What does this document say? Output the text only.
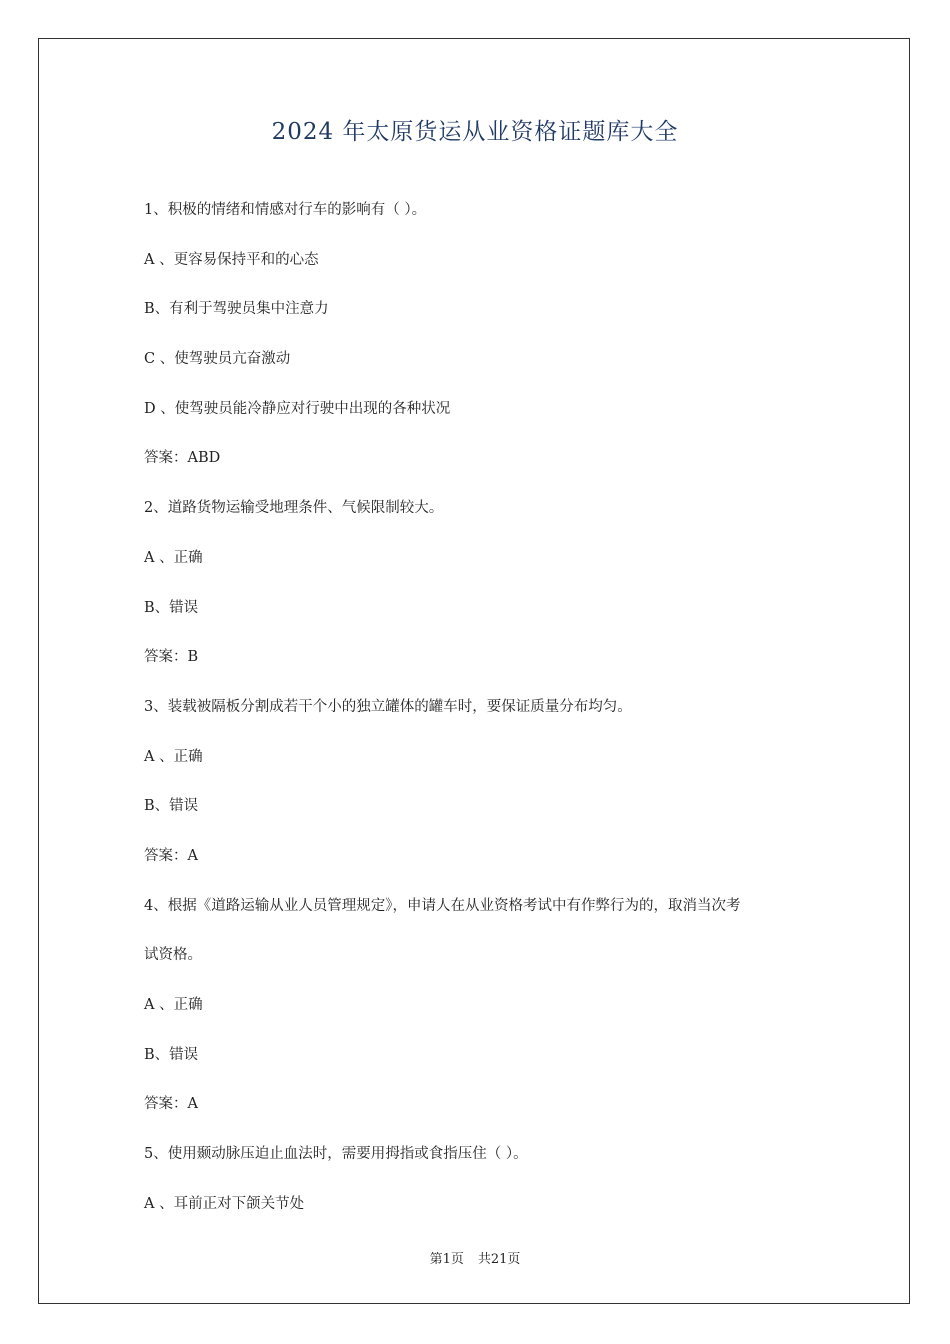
2024 年太原货运从业资格证题库大全
1、积极的情绪和情感对行车的影响有（ ）。
A 、更容易保持平和的心态
B、有利于驾驶员集中注意力
C 、使驾驶员亢奋激动
D 、使驾驶员能冷静应对行驶中出现的各种状况
答案：ABD
2、道路货物运输受地理条件、气候限制较大。
A 、正确
B、错误
答案：B
3、装载被隔板分割成若干个小的独立罐体的罐车时，要保证质量分布均匀。
A 、正确
B、错误
答案：A
4、根据《道路运输从业人员管理规定》，申请人在从业资格考试中有作弊行为的，取消当次考
试资格。
A 、正确
B、错误
答案：A
5、使用颞动脉压迫止血法时，需要用拇指或食指压住（ ）。
A 、耳前正对下颌关节处
第1页 共21页
